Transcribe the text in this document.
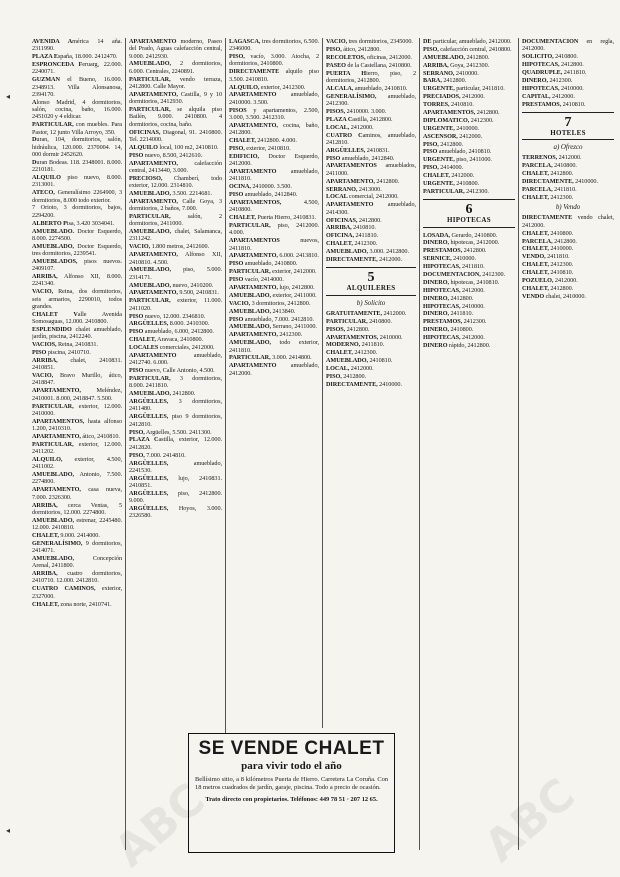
AVENIDA América 14 aña. 2311990.

PLAZA España, 18.000. 2412470.

ESPRONCEDA Feruarg, 22.000. 2240071.

GUZMAN el Bueno, 16.000. 2348913. Villa Alonsanosa, 2394170.

Alonso Madrid, 4 dormitorios, salón, cocina, baño, 16.000. 2451020 y 4 eldicar.

PARTICULAR, con muebles. Para Pastor, 12 junto Villa Arroyo, 350.

Duran, 104, dormitorios, salón, hidráulica, 120.000. 2370004. 14, 000 dormir 2452620.

Duran Bodeas. 118. 2348001. 8.000. 2210181.

ALQUILO piso nuevo, 8.000. 2313001.

ATECO, Generalísimo 2264900, 3 dormitorios, 8.000 todo exterior.

7 Orioto, 3 dormitorios, bajos, 2294200.

ALBERTO Pisa, 3.420 3034041.

AMUEBLADO. Doctor Esquerdo, 8.000. 2274500.

AMUEBLADO, Doctor Esquerdo, tres dormitorios, 2239541.

AMUEBLADOS, pisos nuevos. 2409107.

ARRIBA, Alfonso XII, 8.000. 2241340.

VACIO, Reina, dos dormitorios, seis armarios, 2290010, todos grandes.

CHALET Valle Avenida Somosaguas, 12.000. 2410800.

ESPLENDIDO chalet amueblado, jardín, piscina, 2412240.

VACIOS, Reina, 2410831.

PISO piscina, 2410710.

ARRIBA, chalet, 2410831. 2410851.

VACIO, Bravo Murillo, ático, 2418847.

APARTAMENTO, Meléndez, 2410001. 8.000, 2418847. 5.500.

PARTICULAR, exterior, 12.000. 2410000.

APARTAMENTOS, hasta alfonso 1.200, 2410310.

APARTAMENTO, ático, 2410810.

PARTICULAR, exterior, 12.000. 2411202.

ALQUILO, exterior, 4.500, 2411002.

AMUEBLADO, Antonio, 7.500. 2274800.

APARTAMENTO, casa nueva, 7.000. 2326300.

ARRIBA, cerca Ventas, 5 dormitorios, 12.000. 2274800.

AMUEBLADO, estrenar, 2245480. 12.000. 2410810.

CHALET, 9.000. 2414000.

GENERALÍSIMO, 9 dormitorios, 2414071.

AMUEBLADO, Concepción Arenal, 2411800.

ARRIBA, cuatro dormitorios, 2410710. 12.000. 2412810.

CUATRO CAMINOS, exterior, 2327000.

CHALET, zona norte, 2410741.

APARTAMENTO moderno, Paseo del Prado, Aguas calefacción central, 9.000. 2412930.

AMUEBLADO, 2 dormitorios, 6.000. Centrales, 2240891.

PARTICULAR, vendo terraza, 2412800. Calle Mayor.

APARTAMENTO, Castilla, 9 y 10 dormitorios, 2412930.

PARTICULAR, se alquila piso Bailén, 9.000. 2410800. 4 dormitorios, cocina, baño.

OFICINAS, Diagonal, 91. 2410800. Tel. 2214000.

ALQUILO local, 100 m2, 2410810.

PISO nuevo, 8.500, 2412610.

APARTAMENTO, calefacción central, 2413440, 3.000.

PRECIOSO, Chamberí, todo exterior, 12.000. 2314810.

AMUEBLADO, 3.500. 2214681.

APARTAMENTO, Calle Goya, 3 dormitorios, 2 baños, 7.000.

PARTICULAR, salón, 2 dormitorios, 2411000.

AMUEBLADO, chalet, Salamanca, 2311242.

VACIO, 1.800 metros, 2412600.

APARTAMENTO, Alfonso XII, 2410810. 4.500.

AMUEBLADO, piso, 5.000. 2314171.

AMUEBLADO, nuevo, 2410200.

APARTAMENTO, 9.500, 2410831.

PARTICULAR, exterior, 11.000. 2411020.

PISO nuevo, 12.000. 2346810.

ARGÜELLES, 8.000. 2410300.

PISO amueblado, 6.000, 2412800.

CHALET, Aravaca, 2410800.

LOCALES comerciales, 2412000.

APARTAMENTO amueblado, 2412740. 6.000.

PISO nuevo, Calle Antonio, 4.500.

PARTICULAR, 3 dormitorios, 8.000. 2411810.

AMUEBLADO, 2412800.

ARGÜELLES, 3 dormitorios, 2411480.

ARGÜELLES, piso 9 dormitorios, 2412810.

PISO, Argüelles, 5.500. 2411300.

PLAZA Castilla, exterior, 12.000. 2412820.

PISO, 7.000. 2414810.

ARGÜELLES, amueblado, 2241530.

ARGÜELLES, lujo, 2410831. 2410851.

ARGÜELLES, piso, 2412800. 9.000.

ARGÜELLES, Hoyos, 3.000. 2326580.

LAGASCA, tres dormitorios, 6.500. 2346000.

PISO, vacío, 3.000. Atocha, 2 dormitorios, 2410800.

DIRECTAMENTE alquilo piso 3.500. 2410810.

ALQUILO, exterior, 2412300.

APARTAMENTO amueblado, 2410000. 3.500.

PISOS y apartamentos, 2.500, 3.000, 3.500. 2412310.

APARTAMENTO, cocina, baño, 2412800.

CHALET, 2412800. 4.000.

PISO, exterior, 2410810.

EDIFICIO, Doctor Esquerdo, 2412000.

APARTAMENTO amueblado, 2411810.

OCINA, 2410000. 3.500.

PISO amueblado, 2412840.

APARTAMENTOS, 4.500, 2410800.

CHALET, Puerta Hierro, 2410831.

PARTICULAR, piso, 2412000. 4.000.

APARTAMENTOS nuevos, 2411810.

APARTAMENTO, 6.000. 2413810.

PISO amueblado, 2410800.

PARTICULAR, exterior, 2412000.

PISO vacío, 2414000.

APARTAMENTO, lujo, 2412800.

AMUEBLADO, exterior, 2411000.

VACIO, 3 dormitorios, 2412800.

AMUEBLADO, 2413840.

PISO amueblado, 7.000. 2412810.

AMUEBLADO, Serrano, 2411000.

APARTAMENTO, 2412300.

AMUEBLADO, todo exterior, 2411810.

PARTICULAR, 3.000. 2414800.

APARTAMENTO amueblado, 2412000.

VACIO, tres dormitorios, 2345000.

PISO, ático, 2412800.

RECOLETOS, oficinas, 2412000.

PASEO de la Castellana, 2410800.

PUERTA Hierro, piso, 2 dormitorios, 2412800.

ALCALA, amueblado, 2410810.

GENERALÍSIMO, amueblado, 2412300.

PISOS, 2410000. 3.000.

PLAZA Castilla, 2412800.

LOCAL, 2412000.

CUATRO Caminos, amueblado, 2412810.

ARGÜELLES, 2410831.

PISO amueblado, 2412840.

APARTAMENTOS amueblados, 2411000.

APARTAMENTO, 2412800.

SERRANO, 2413000.

LOCAL comercial, 2412000.

APARTAMENTO amueblado, 2414300.

OFICINAS, 2412800.

ARRIBA, 2410810.

OFICINA, 2411810.

CHALET, 2412300.

AMUEBLADO, 3.000. 2412800.

DIRECTAMENTE, 2412000.

5
ALQUILERES
b) Solicito

GRATUITAMENTE, 2412000.

PARTICULAR, 2410800.

PISOS, 2412800.

APARTAMENTOS, 2410000.

MODERNO, 2411810.

CHALET, 2412300.

AMUEBLADO, 2410810.

LOCAL, 2412000.

PISO, 2412800.

DIRECTAMENTE, 2410000.

DE particular, amueblado, 2412000.

PISO, calefacción central, 2410800.

AMUEBLADO, 2412800.

ARRIBA, Goya, 2412300.

SERRANO, 2410000.

BARA, 2412800.

URGENTE, particular, 2411810.

PRECIADOS, 2412000.

TORRES, 2410810.

APARTAMENTOS, 2412800.

DIPLOMATICO, 2412300.

URGENTE, 2410000.

ASCENSOR, 2412000.

PISO, 2412800.

PISO amueblado, 2410810.

URGENTE, piso, 2411000.

PISO, 2414000.

CHALET, 2412000.

URGENTE, 2410800.

PARTICULAR, 2412300.

6
HIPOTECAS

LOSADA, Gerardo, 2410800.

DINERO, hipotecas, 2412000.

PRESTAMOS, 2412800.

SERNICE, 2410000.

HIPOTECAS, 2411810.

DOCUMENTACION, 2412300.

DINERO, hipotecas, 2410810.

HIPOTECAS, 2412000.

DINERO, 2412800.

HIPOTECAS, 2410000.

DINERO, 2411810.

PRESTAMOS, 2412300.

DINERO, 2410800.

HIPOTECAS, 2412000.

DINERO rápido, 2412800.

DOCUMENTACION en regla, 2412000.

SOLICITO, 2410800.

HIPOTECAS, 2412800.

QUADRUPLE, 2411810.

DINERO, 2412300.

HIPOTECAS, 2410000.

CAPITAL, 2412000.

PRESTAMOS, 2410810.

7
HOTELES
a) Ofrezco

TERRENOS, 2412000.

PARCELA, 2410800.

CHALET, 2412800.

DIRECTAMENTE, 2410000.

PARCELA, 2411810.

CHALET, 2412300.

b) Vendo

DIRECTAMENTE vendo chalet, 2412000.

CHALET, 2410800.

PARCELA, 2412800.

CHALET, 2410000.

VENDO, 2411810.

CHALET, 2412300.

CHALET, 2410810.

POZUELO, 2412000.

CHALET, 2412800.

VENDO chalet, 2410000.

SE VENDE CHALET
para vivir todo el año
Bellísimo sitio, a 8 kilómetros Puerta de Hierro. Carretera La Coruña. Con 18 metros cuadrados de jardín, garaje, piscina. Todo a precio de ocasión.
Trato directo con propietarios. Teléfonos: 449 78 51 · 207 12 65.
ABC	ABC
◂
◂
